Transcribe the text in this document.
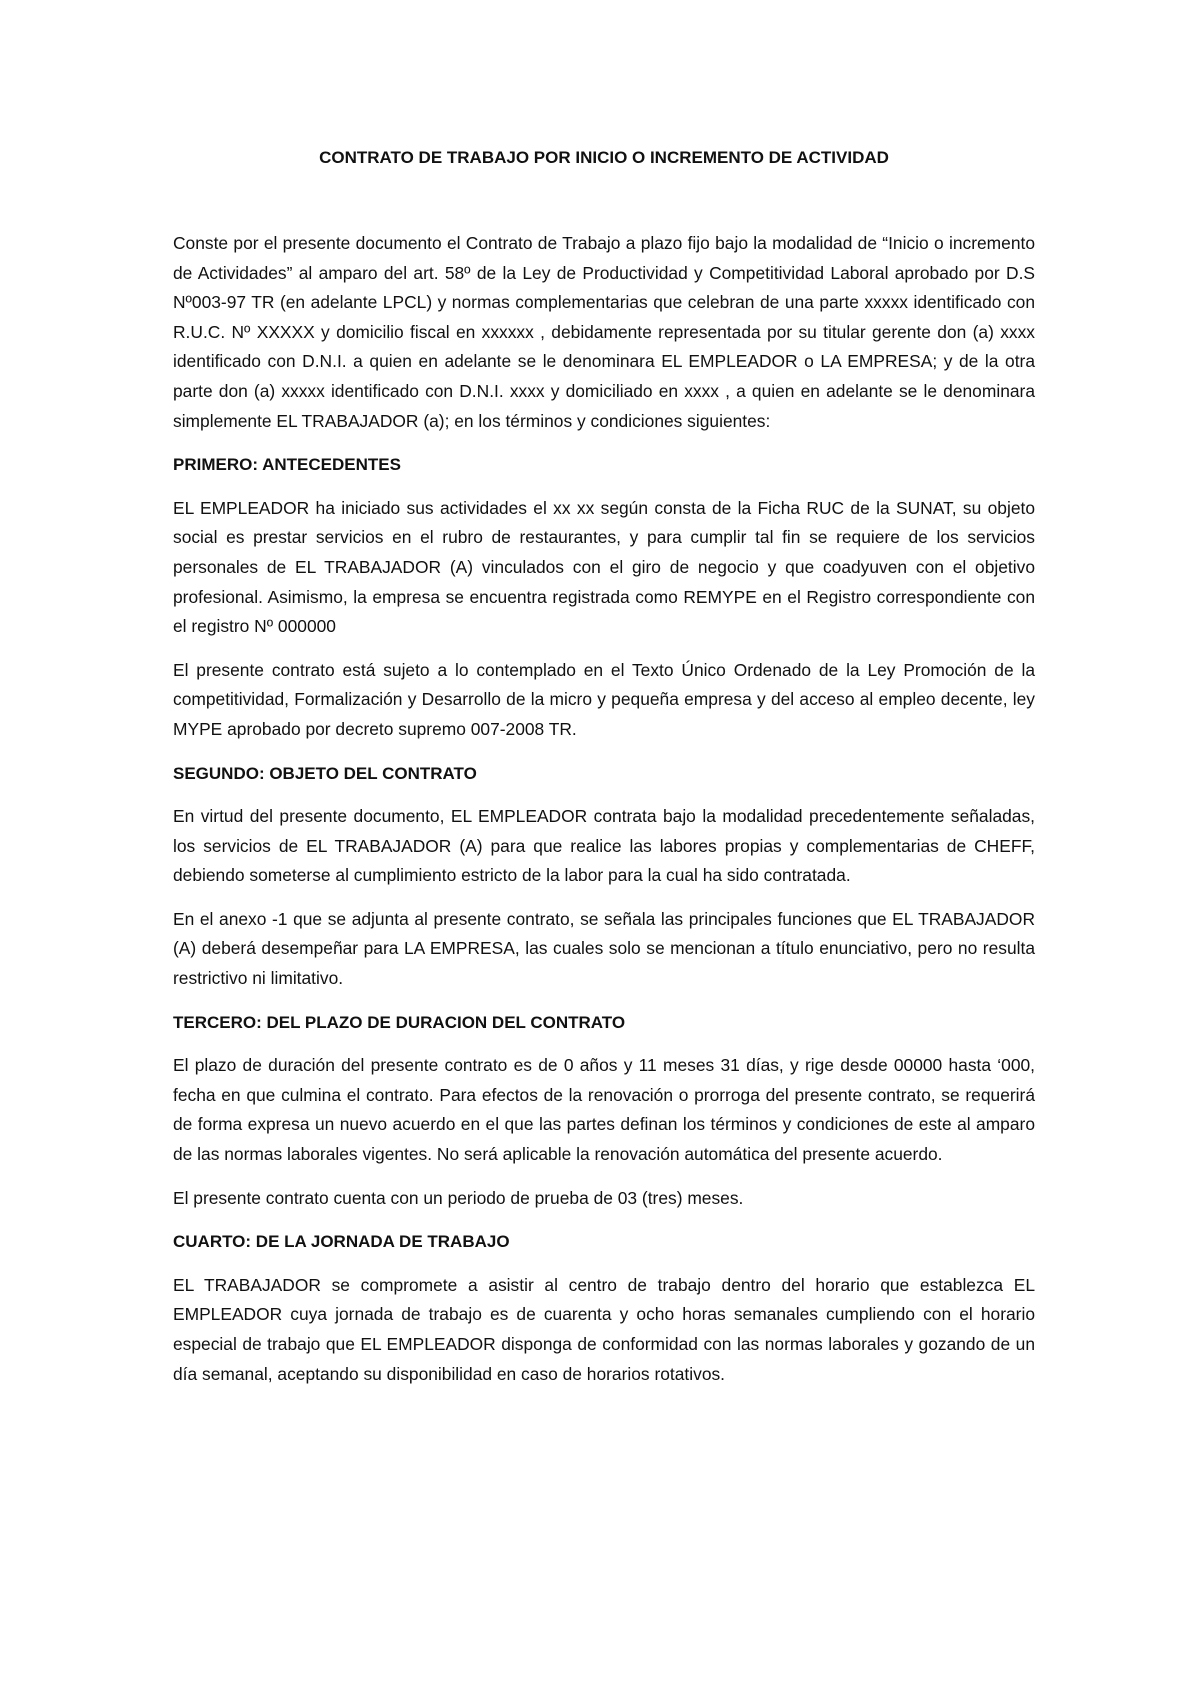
CONTRATO DE TRABAJO POR INICIO O INCREMENTO DE ACTIVIDAD

Conste por el presente documento el Contrato de Trabajo a plazo fijo bajo la modalidad de “Inicio o incremento de Actividades” al amparo del art. 58º de la Ley de Productividad y Competitividad Laboral aprobado por D.S Nº003-97 TR (en adelante LPCL) y normas complementarias que celebran de una parte xxxxx identificado con R.U.C. Nº XXXXX y domicilio fiscal en xxxxxx , debidamente representada por su titular gerente don (a) xxxx identificado con D.N.I. a quien en adelante se le denominara EL EMPLEADOR o LA EMPRESA; y de la otra parte don (a) xxxxx identificado con D.N.I. xxxx y domiciliado en xxxx , a quien en adelante se le denominara simplemente EL TRABAJADOR (a); en los términos y condiciones siguientes:

PRIMERO: ANTECEDENTES

EL EMPLEADOR ha iniciado sus actividades el xx xx según consta de la Ficha RUC de la SUNAT, su objeto social es prestar servicios en el rubro de restaurantes, y para cumplir tal fin se requiere de los servicios personales de EL TRABAJADOR (A) vinculados con el giro de negocio y que coadyuven con el objetivo profesional. Asimismo, la empresa se encuentra registrada como REMYPE en el Registro correspondiente con el registro Nº 000000

El presente contrato está sujeto a lo contemplado en el Texto Único Ordenado de la Ley Promoción de la competitividad, Formalización y Desarrollo de la micro y pequeña empresa y del acceso al empleo decente, ley MYPE aprobado por decreto supremo 007-2008 TR.

SEGUNDO: OBJETO DEL CONTRATO

En virtud del presente documento, EL EMPLEADOR contrata bajo la modalidad precedentemente señaladas, los servicios de EL TRABAJADOR (A) para que realice las labores propias y complementarias de CHEFF, debiendo someterse al cumplimiento estricto de la labor para la cual ha sido contratada.

En el anexo -1 que se adjunta al presente contrato, se señala las principales funciones que EL TRABAJADOR (A) deberá desempeñar para LA EMPRESA, las cuales solo se mencionan a título enunciativo, pero no resulta restrictivo ni limitativo.

TERCERO: DEL PLAZO DE DURACION DEL CONTRATO

El plazo de duración del presente contrato es de 0 años y 11 meses 31 días, y rige desde 00000 hasta ‘000, fecha en que culmina el contrato. Para efectos de la renovación o prorroga del presente contrato, se requerirá de forma expresa un nuevo acuerdo en el que las partes definan los términos y condiciones de este al amparo de las normas laborales vigentes. No será aplicable la renovación automática del presente acuerdo.

El presente contrato cuenta con un periodo de prueba de 03 (tres) meses.

CUARTO: DE LA JORNADA DE TRABAJO

EL TRABAJADOR se compromete a asistir al centro de trabajo dentro del horario que establezca EL EMPLEADOR cuya jornada de trabajo es de cuarenta y ocho horas semanales cumpliendo con el horario especial de trabajo que EL EMPLEADOR disponga de conformidad con las normas laborales y gozando de un día semanal, aceptando su disponibilidad en caso de horarios rotativos.
